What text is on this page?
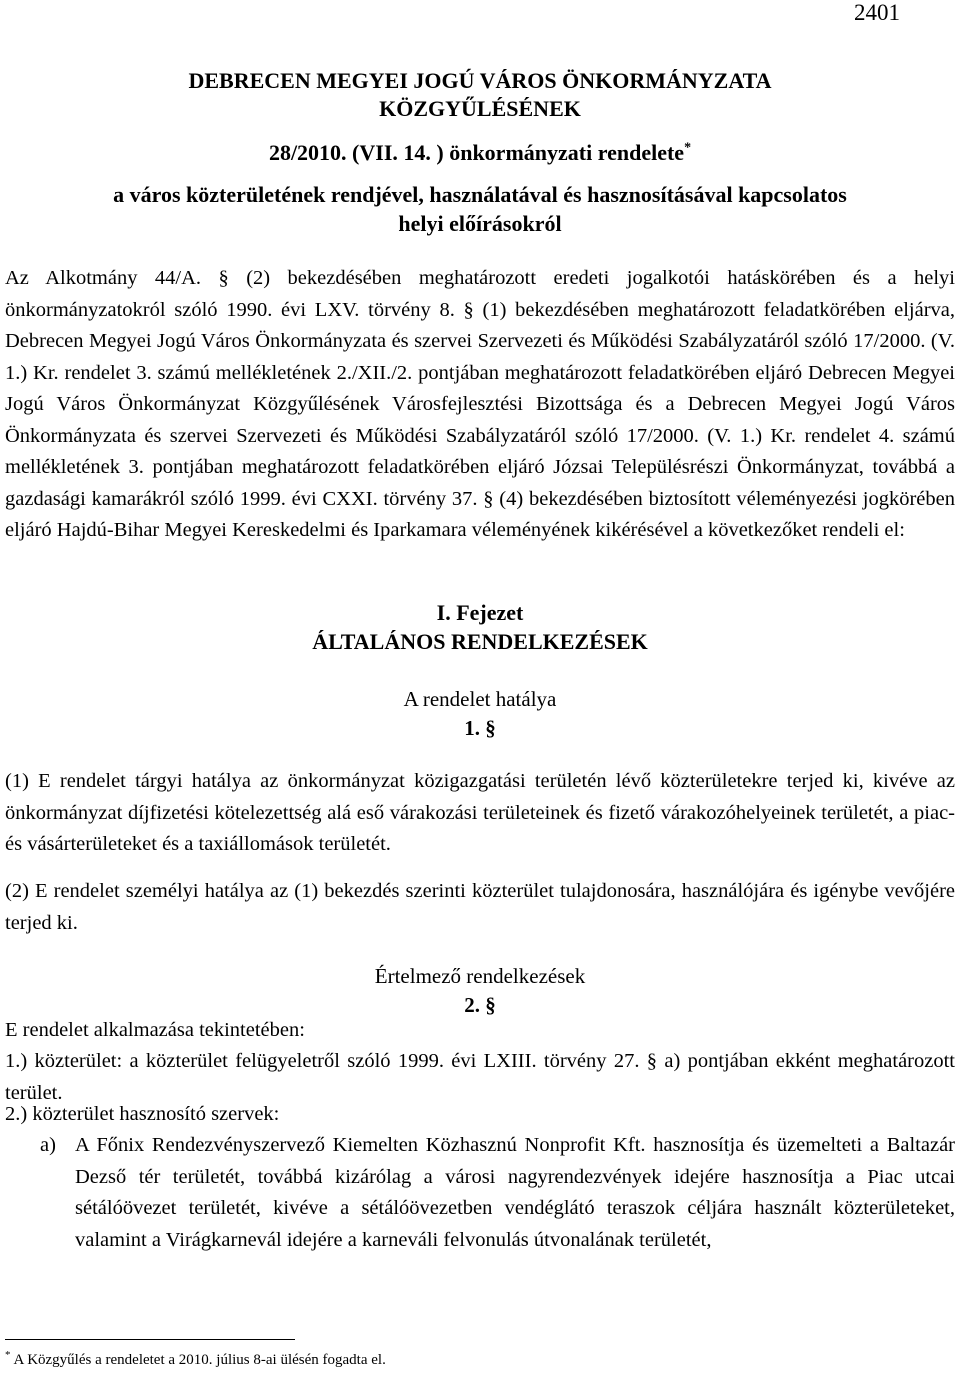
2401
DEBRECEN MEGYEI JOGÚ VÁROS ÖNKORMÁNYZATA
KÖZGYŰLÉSÉNEK
28/2010. (VII. 14. ) önkormányzati rendelete*
a város közterületének rendjével, használatával és hasznosításával kapcsolatos
helyi előírásokról

Az Alkotmány 44/A. § (2) bekezdésében meghatározott eredeti jogalkotói hatáskörében és a helyi önkormányzatokról szóló 1990. évi LXV. törvény 8. § (1) bekezdésében meghatározott feladatkörében eljárva, Debrecen Megyei Jogú Város Önkormányzata és szervei Szervezeti és Működési Szabályzatáról szóló 17/2000. (V. 1.) Kr. rendelet 3. számú mellékletének 2./XII./2. pontjában meghatározott feladatkörében eljáró Debrecen Megyei Jogú Város Önkormányzat Közgyűlésének Városfejlesztési Bizottsága és a Debrecen Megyei Jogú Város Önkormányzata és szervei Szervezeti és Működési Szabályzatáról szóló 17/2000. (V. 1.) Kr. rendelet 4. számú mellékletének 3. pontjában meghatározott feladatkörében eljáró Józsai Településrészi Önkormányzat, továbbá a gazdasági kamarákról szóló 1999. évi CXXI. törvény 37. § (4) bekezdésében biztosított véleményezési jogkörében eljáró Hajdú-Bihar Megyei Kereskedelmi és Iparkamara véleményének kikérésével a következőket rendeli el:

I. Fejezet
ÁLTALÁNOS RENDELKEZÉSEK
A rendelet hatálya
1. §

(1) E rendelet tárgyi hatálya az önkormányzat közigazgatási területén lévő közterületekre terjed ki, kivéve az önkormányzat díjfizetési kötelezettség alá eső várakozási területeinek és fizető várakozóhelyeinek területét, a piac- és vásárterületeket és a taxiállomások területét.

(2) E rendelet személyi hatálya az (1) bekezdés szerinti közterület tulajdonosára, használójára és igénybe vevőjére terjed ki.

Értelmező rendelkezések
2. §

E rendelet alkalmazása tekintetében:

1.) közterület: a közterület felügyeletről szóló 1999. évi LXIII. törvény 27. § a) pontjában ekként meghatározott terület.

2.) közterület hasznosító szervek:

a) A Főnix Rendezvényszervező Kiemelten Közhasznú Nonprofit Kft. hasznosítja és üzemelteti a Baltazár Dezső tér területét, továbbá kizárólag a városi nagyrendezvények idejére hasznosítja a Piac utcai sétálóövezet területét, kivéve a sétálóövezetben vendéglátó teraszok céljára használt közterületeket, valamint a Virágkarnevál idejére a karneváli felvonulás útvonalának területét,
* A Közgyűlés a rendeletet a 2010. július 8-ai ülésén fogadta el.
